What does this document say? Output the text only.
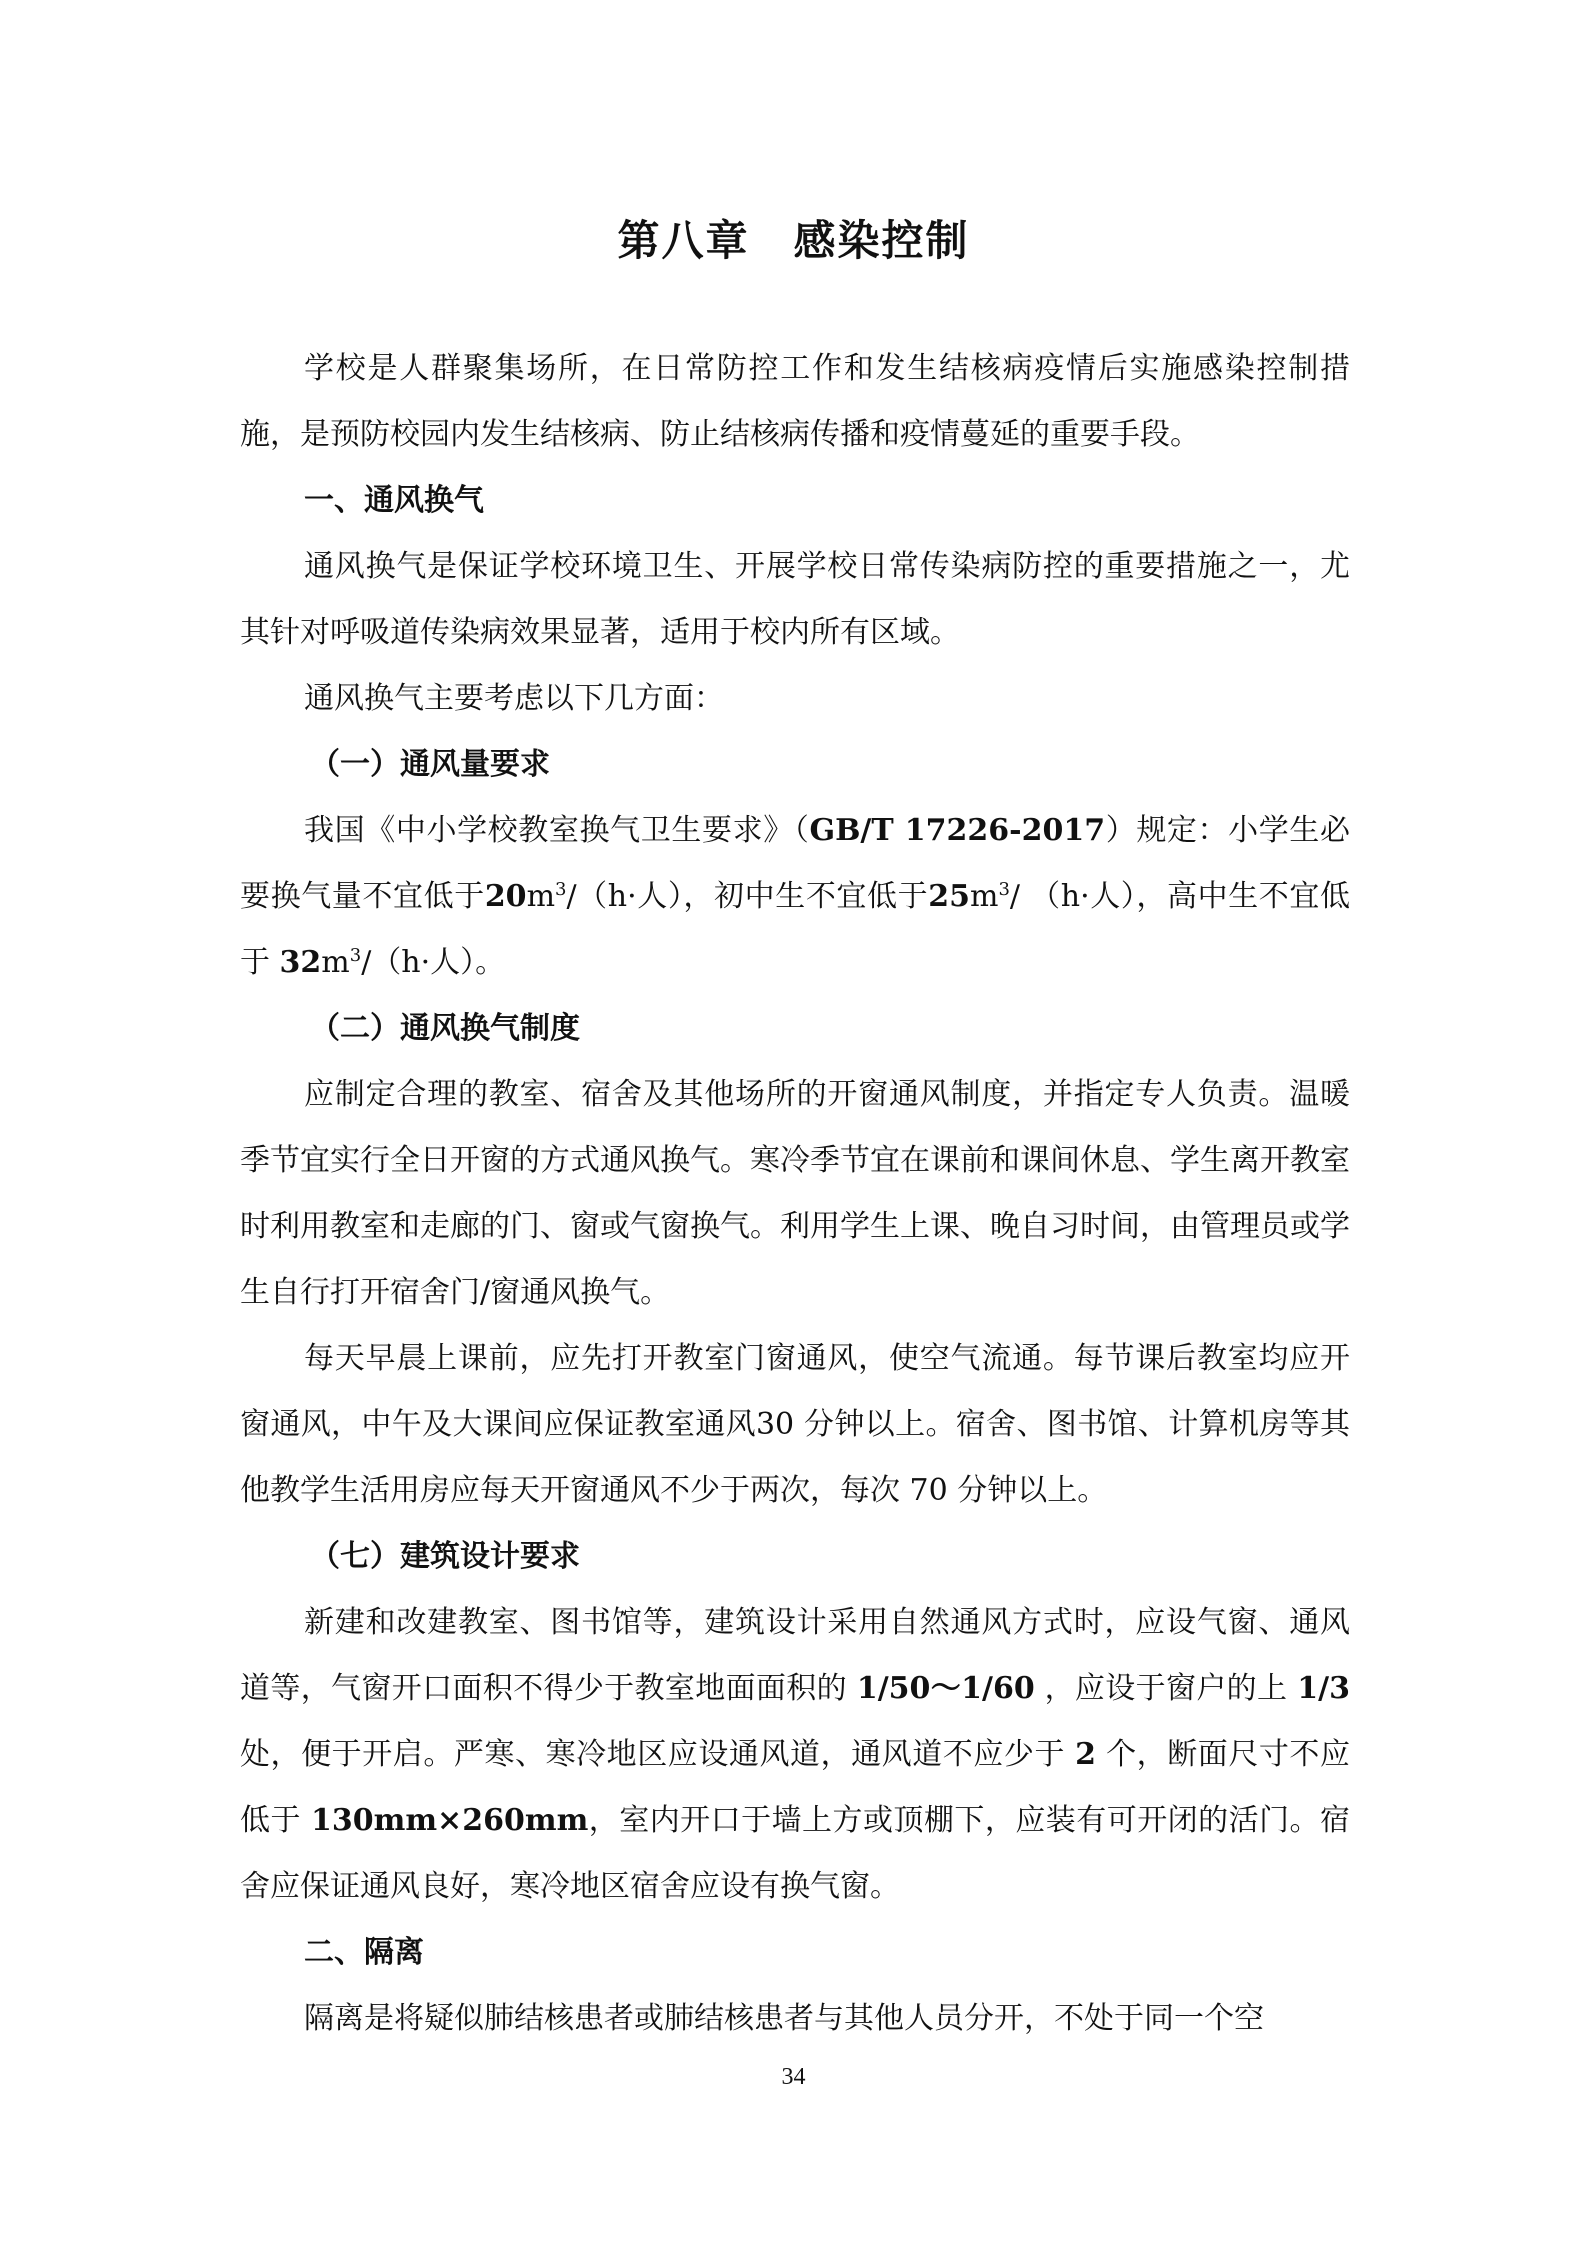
第八章　感染控制

学校是人群聚集场所，在日常防控工作和发生结核病疫情后实施感染控制措施，是预防校园内发生结核病、防止结核病传播和疫情蔓延的重要手段。

一、通风换气

通风换气是保证学校环境卫生、开展学校日常传染病防控的重要措施之一，尤其针对呼吸道传染病效果显著，适用于校内所有区域。

通风换气主要考虑以下几方面：

（一）通风量要求

我国《中小学校教室换气卫生要求》（GB/T 17226-2017）规定：小学生必要换气量不宜低于$20m^3/(h\cdot$人），初中生不宜低于$25m^3/$ （h·人），高中生不宜低于 $32m^3/(h\cdot$人）。

（二）通风换气制度

应制定合理的教室、宿舍及其他场所的开窗通风制度，并指定专人负责。温暖季节宜实行全日开窗的方式通风换气。寒冷季节宜在课前和课间休息、学生离开教室时利用教室和走廊的门、窗或气窗换气。利用学生上课、晚自习时间，由管理员或学生自行打开宿舍门/窗通风换气。

每天早晨上课前，应先打开教室门窗通风，使空气流通。每节课后教室均应开窗通风，中午及大课间应保证教室通风30 分钟以上。宿舍、图书馆、计算机房等其他教学生活用房应每天开窗通风不少于两次，每次 70 分钟以上。

（七）建筑设计要求

新建和改建教室、图书馆等，建筑设计采用自然通风方式时，应设气窗、通风道等，气窗开口面积不得少于教室地面面积的 1/50～1/60 ，应设于窗户的上 1/3 处，便于开启。严寒、寒冷地区应设通风道，通风道不应少于 2 个，断面尺寸不应低于 130mm×260mm，室内开口于墙上方或顶棚下，应装有可开闭的活门。宿舍应保证通风良好，寒冷地区宿舍应设有换气窗。

二、隔离

隔离是将疑似肺结核患者或肺结核患者与其他人员分开，不处于同一个空

34
